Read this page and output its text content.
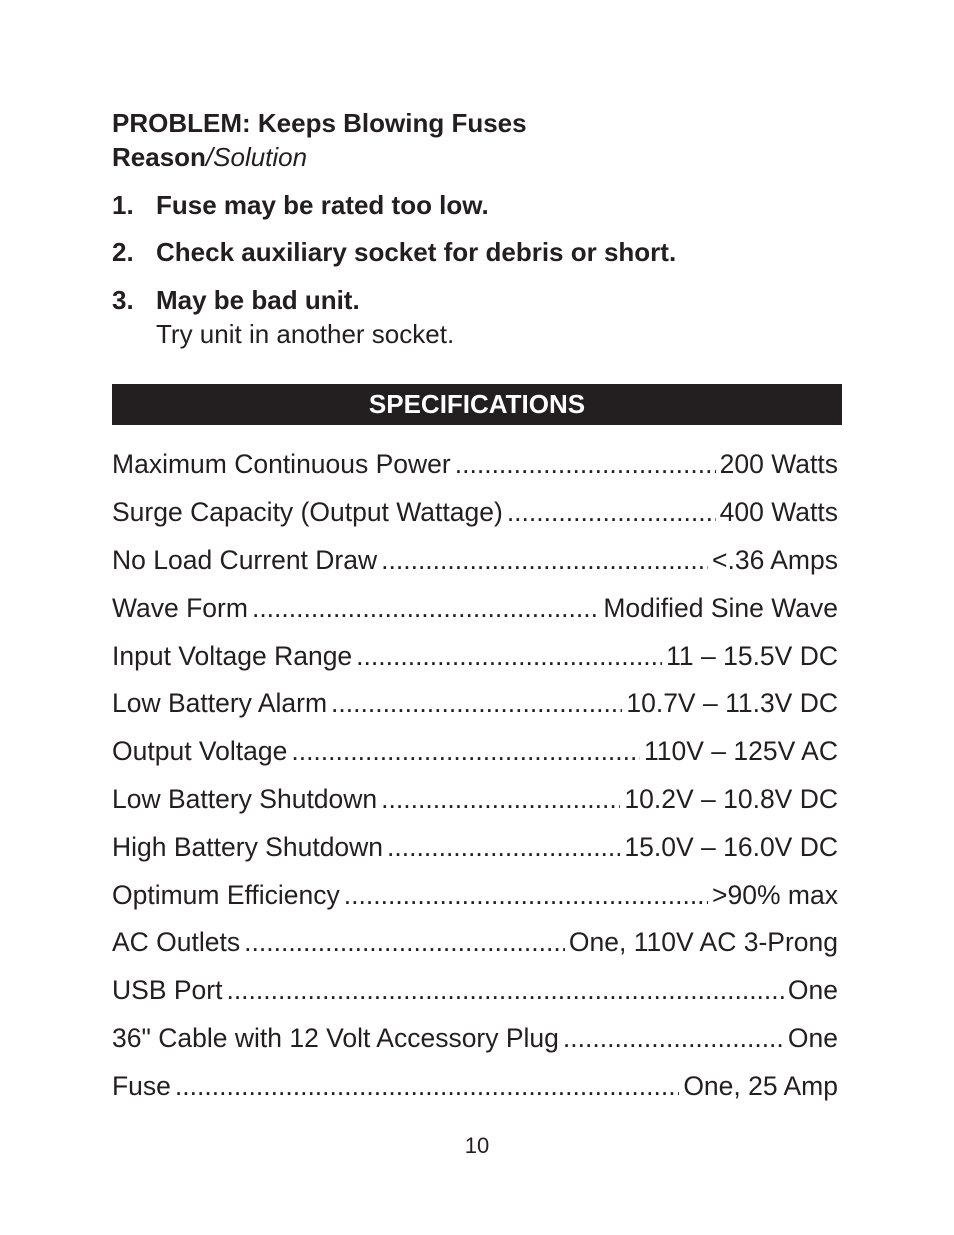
PROBLEM: Keeps Blowing Fuses
Reason/Solution
1. Fuse may be rated too low.
2. Check auxiliary socket for debris or short.
3. May be bad unit.
Try unit in another socket.
SPECIFICATIONS
Maximum Continuous Power .....	200 Watts
Surge Capacity (Output Wattage) .....	400 Watts
No Load Current Draw .....	<.36 Amps
Wave Form .....	Modified Sine Wave
Input Voltage Range .....	11 – 15.5V DC
Low Battery Alarm .....	10.7V – 11.3V DC
Output Voltage .....	110V – 125V AC
Low Battery Shutdown .....	10.2V – 10.8V DC
High Battery Shutdown .....	15.0V – 16.0V DC
Optimum Efficiency .....	>90% max
AC Outlets .....	One, 110V AC 3-Prong
USB Port .....	One
36" Cable with 12 Volt Accessory Plug .....	One
Fuse .....	One, 25 Amp
10
